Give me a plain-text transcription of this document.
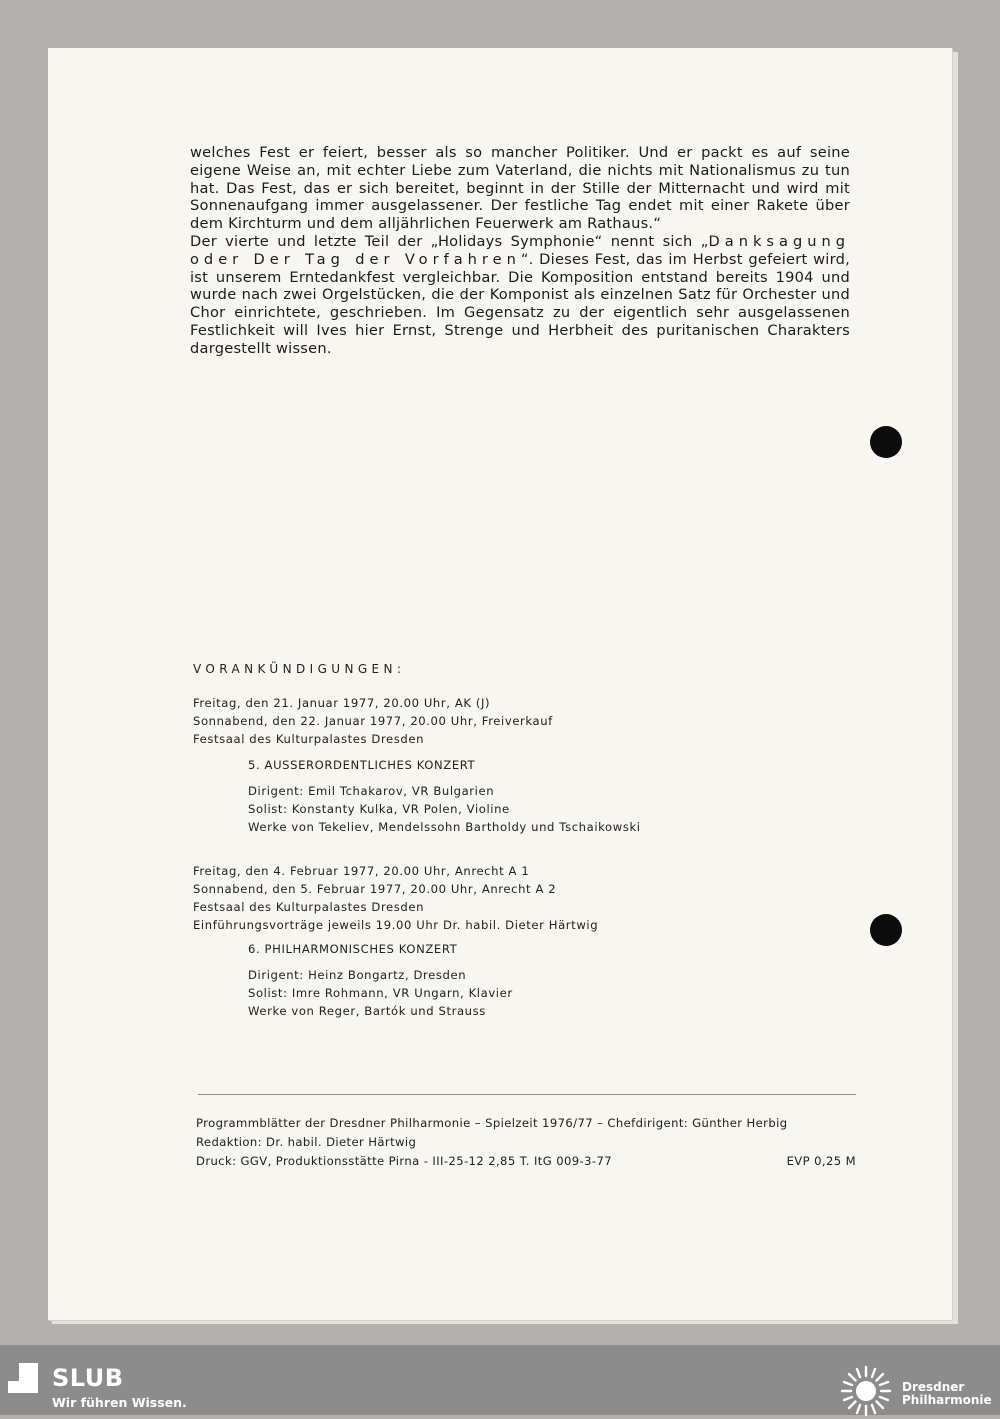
welches Fest er feiert, besser als so mancher Politiker. Und er packt es auf seine eigene Weise an, mit echter Liebe zum Vaterland, die nichts mit Nationalismus zu tun hat. Das Fest, das er sich bereitet, beginnt in der Stille der Mitternacht und wird mit Sonnenaufgang immer ausgelassener. Der festliche Tag endet mit einer Rakete über dem Kirchturm und dem alljährlichen Feuerwerk am Rathaus.“

Der vierte und letzte Teil der „Holidays Symphonie“ nennt sich „Danksagung oder Der Tag der Vorfahren“. Dieses Fest, das im Herbst gefeiert wird, ist unserem Erntedankfest vergleichbar. Die Komposition entstand bereits 1904 und wurde nach zwei Orgelstücken, die der Komponist als einzelnen Satz für Orchester und Chor einrichtete, geschrieben. Im Gegensatz zu der eigentlich sehr ausgelassenen Festlichkeit will Ives hier Ernst, Strenge und Herbheit des puritanischen Charakters dargestellt wissen.

VORANKÜNDIGUNGEN:
Freitag, den 21. Januar 1977, 20.00 Uhr, AK (J)
Sonnabend, den 22. Januar 1977, 20.00 Uhr, Freiverkauf
Festsaal des Kulturpalastes Dresden
5. AUSSERORDENTLICHES KONZERT
Dirigent: Emil Tchakarov, VR Bulgarien
Solist: Konstanty Kulka, VR Polen, Violine
Werke von Tekeliev, Mendelssohn Bartholdy und Tschaikowski
Freitag, den 4. Februar 1977, 20.00 Uhr, Anrecht A 1
Sonnabend, den 5. Februar 1977, 20.00 Uhr, Anrecht A 2
Festsaal des Kulturpalastes Dresden
Einführungsvorträge jeweils 19.00 Uhr Dr. habil. Dieter Härtwig
6. PHILHARMONISCHES KONZERT
Dirigent: Heinz Bongartz, Dresden
Solist: Imre Rohmann, VR Ungarn, Klavier
Werke von Reger, Bartók und Strauss
Programmblätter der Dresdner Philharmonie – Spielzeit 1976/77 – Chefdirigent: Günther Herbig
Redaktion: Dr. habil. Dieter Härtwig
Druck: GGV, Produktionsstätte Pirna - III-25-12 2,85 T. ItG 009-3-77	EVP 0,25 M
SLUB
Wir führen Wissen.
Dresdner
Philharmonie
